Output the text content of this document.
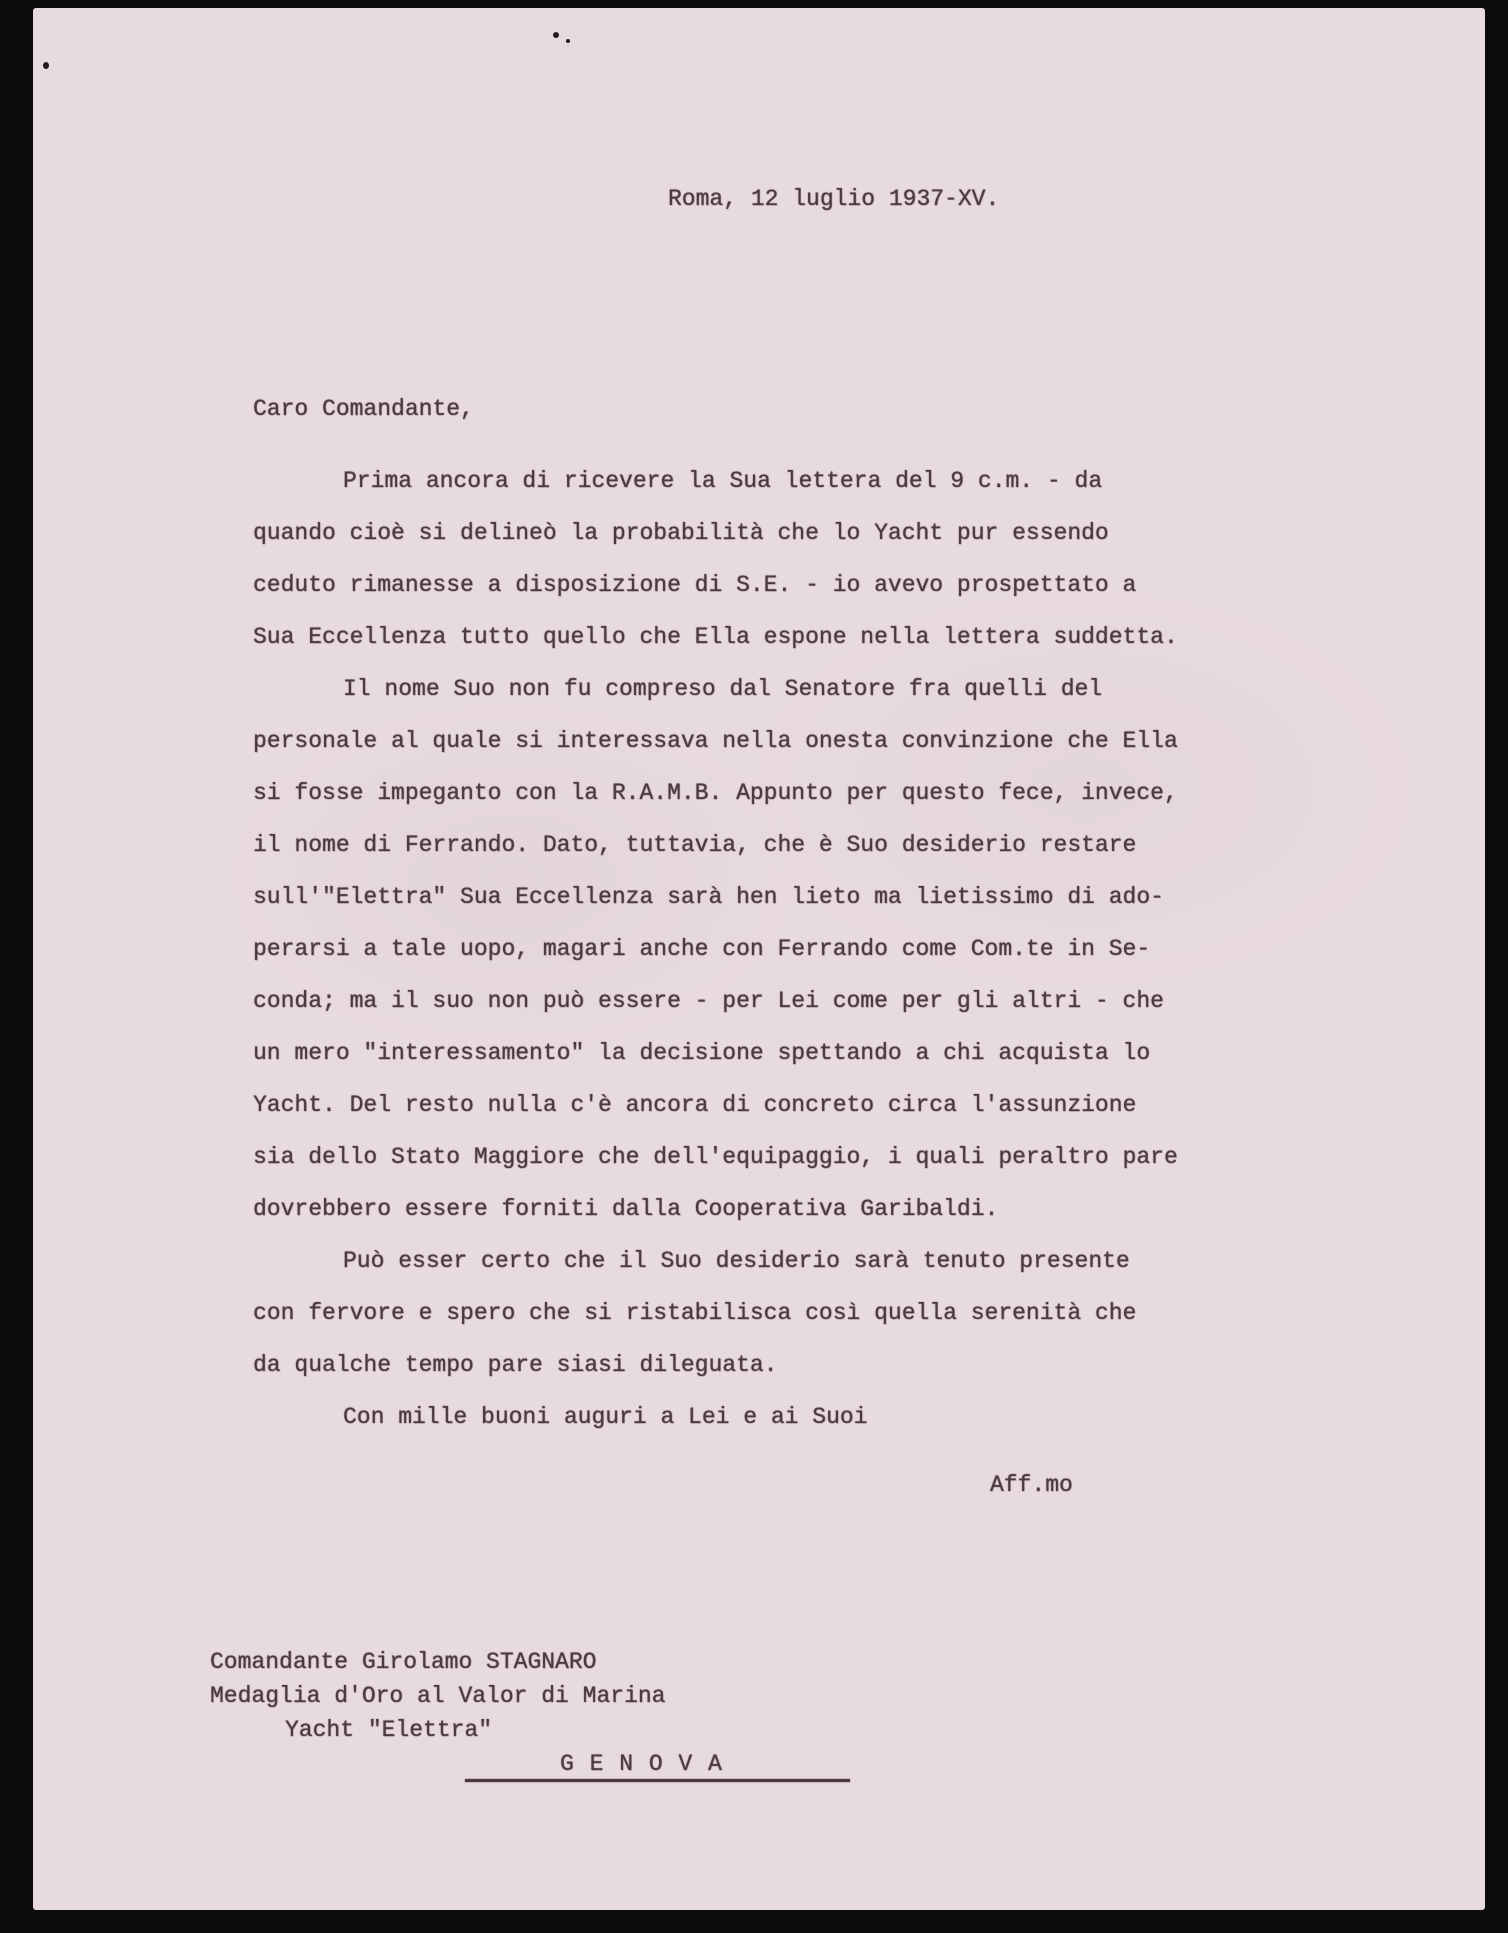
Roma, 12 luglio 1937-XV.
Caro Comandante,
Prima ancora di ricevere la Sua lettera del 9 c.m. - da
quando cioè si delineò la probabilità che lo Yacht pur essendo
ceduto rimanesse a disposizione di S.E. - io avevo prospettato a
Sua Eccellenza tutto quello che Ella espone nella lettera suddetta.
Il nome Suo non fu compreso dal Senatore fra quelli del
personale al quale si interessava nella onesta convinzione che Ella
si fosse impeganto con la R.A.M.B. Appunto per questo fece, invece,
il nome di Ferrando. Dato, tuttavia, che è Suo desiderio restare
sull'"Elettra" Sua Eccellenza sarà hen lieto ma lietissimo di ado-
perarsi a tale uopo, magari anche con Ferrando come Com.te in Se-
conda; ma il suo non può essere - per Lei come per gli altri - che
un mero "interessamento" la decisione spettando a chi acquista lo
Yacht. Del resto nulla c'è ancora di concreto circa l'assunzione
sia dello Stato Maggiore che dell'equipaggio, i quali peraltro pare
dovrebbero essere forniti dalla Cooperativa Garibaldi.
Può esser certo che il Suo desiderio sarà tenuto presente
con fervore e spero che si ristabilisca così quella serenità che
da qualche tempo pare siasi dileguata.
Con mille buoni auguri a Lei e ai Suoi
Aff.mo
Comandante Girolamo STAGNARO
Medaglia d'Oro al Valor di Marina
Yacht "Elettra"
G E N O V A
